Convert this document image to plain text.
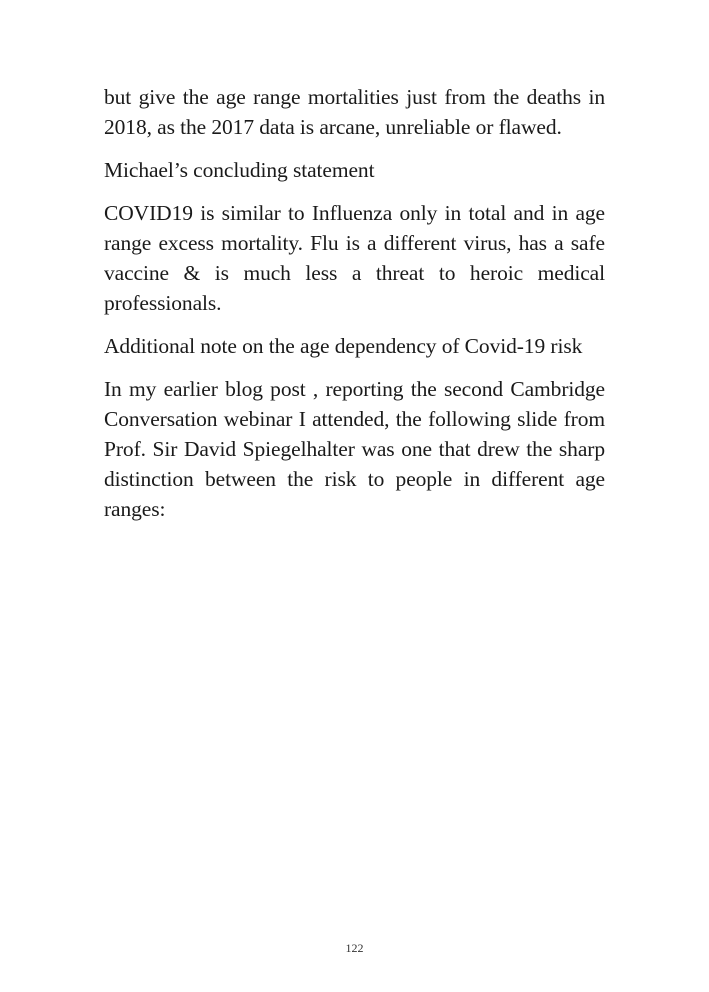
but give the age range mortalities just from the deaths in 2018, as the 2017 data is arcane, unreliable or flawed.

Michael’s concluding statement

COVID19 is similar to Influenza only in total and in age range excess mortality. Flu is a different virus, has a safe vaccine & is much less a threat to heroic medical professionals.

Additional note on the age dependency of Covid-19 risk

In my earlier blog post , reporting the second Cambridge Conversation webinar I attended, the following slide from Prof. Sir David Spiegelhalter was one that drew the sharp distinction between the risk to people in different age ranges:

122
